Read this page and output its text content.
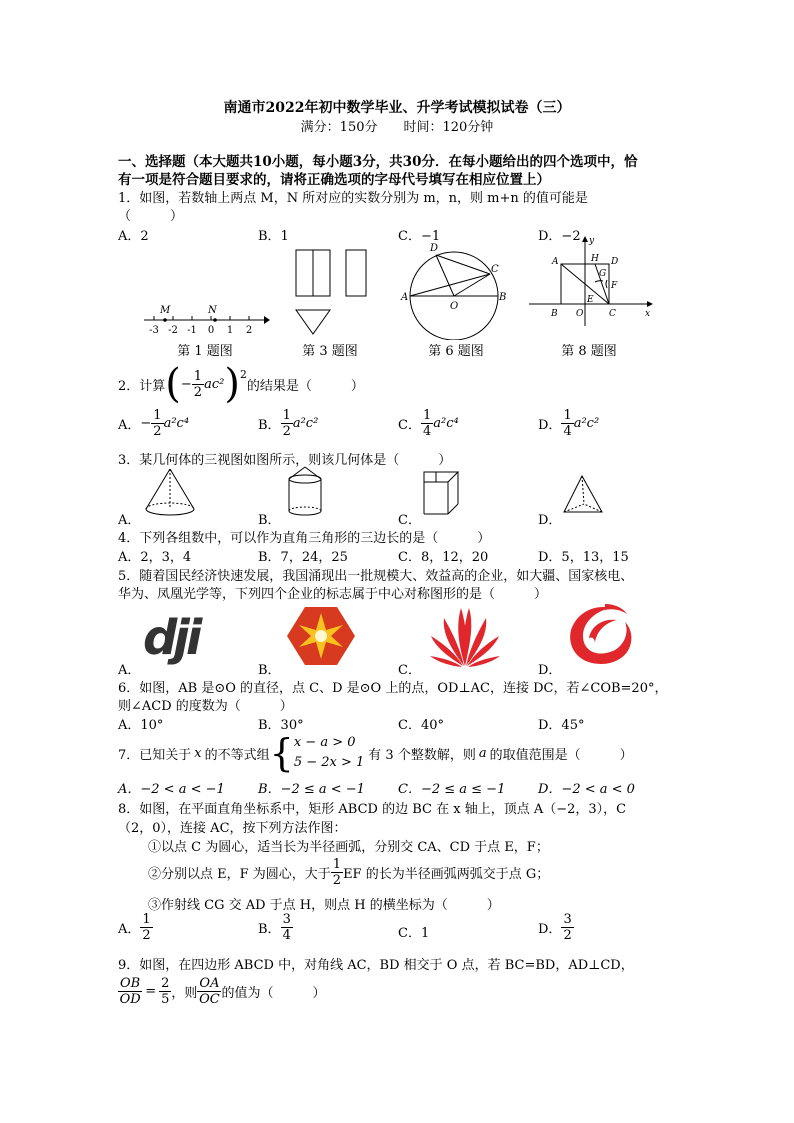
南通市2022年初中数学毕业、升学考试模拟试卷（三）
满分：150分　　时间：120分钟
一、选择题（本大题共10小题，每小题3分，共30分．在每小题给出的四个选项中，恰
有一项是符合题目要求的，请将正确选项的字母代号填写在相应位置上）
1．如图，若数轴上两点 M，N 所对应的实数分别为 m，n，则 m+n 的值可能是
（　　　）
A．2	B．1	C．−1	D．−2
M	N
-3 -2 -1 0 1 2
A	B
C
D
O
y
A	H D
G
F
E
B O	C	x
第 1 题图	第 3 题图	第 6 题图	第 8 题图
2．计算 ( − $\frac{1}{2} ac^2$ )$^2$
的结果是（　　　）
A． − $\frac{1}{2} a^2c^4$	B． $\frac{1}{2} a^2c^2$	C． $\frac{1}{4} a^2c^4$	D． $\frac{1}{4} a^2c^2$
3．某几何体的三视图如图所示，则该几何体是（　　　）
A．	B．	C．	D．
4．下列各组数中，可以作为直角三角形的三边长的是（　　　）
A．2，3，4	B．7，24，25	C．8，12，20	D．5，13，15
5．随着国民经济快速发展，我国涌现出一批规模大、效益高的企业，如大疆、国家核电、
华为、凤凰光学等，下列四个企业的标志属于中心对称图形的是（　　　）
A．	B．	C．	D．
dji
6．如图，AB 是⊙O 的直径，点 C、D 是⊙O 上的点，OD⊥AC，连接 DC，若∠COB=20°，
则∠ACD 的度数为（　　　）
A．10°	B．30°	C．40°	D．45°
7．已知关于 x 的不等式组 { x − a > 0
5 − 2x > 1 有 3 个整数解，则 a 的取值范围是（　　　）
A．−2 < a < −1	B．−2 ≤ a < −1	C．−2 ≤ a ≤ −1	D．−2 < a < 0
8．如图，在平面直角坐标系中，矩形 ABCD 的边 BC 在 x 轴上，顶点 A（−2，3），C
（2，0），连接 AC，按下列方法作图：
①以点 C 为圆心，适当长为半径画弧，分别交 CA、CD 于点 E，F；
②分别以点 E，F 为圆心，大于 $\frac{1}{2}$ EF 的长为半径画弧两弧交于点 G；
③作射线 CG 交 AD 于点 H，则点 H 的横坐标为（　　　）
A． $\frac{1}{2}$	B． $\frac{3}{4}$	C．1	D． $\frac{3}{2}$
9．如图，在四边形 ABCD 中，对角线 AC，BD 相交于 O 点，若 BC=BD，AD⊥CD，
$\frac{OB}{OD} = \frac{2}{5}$ ，则 $\frac{OA}{OC}$ 的值为（　　　）
